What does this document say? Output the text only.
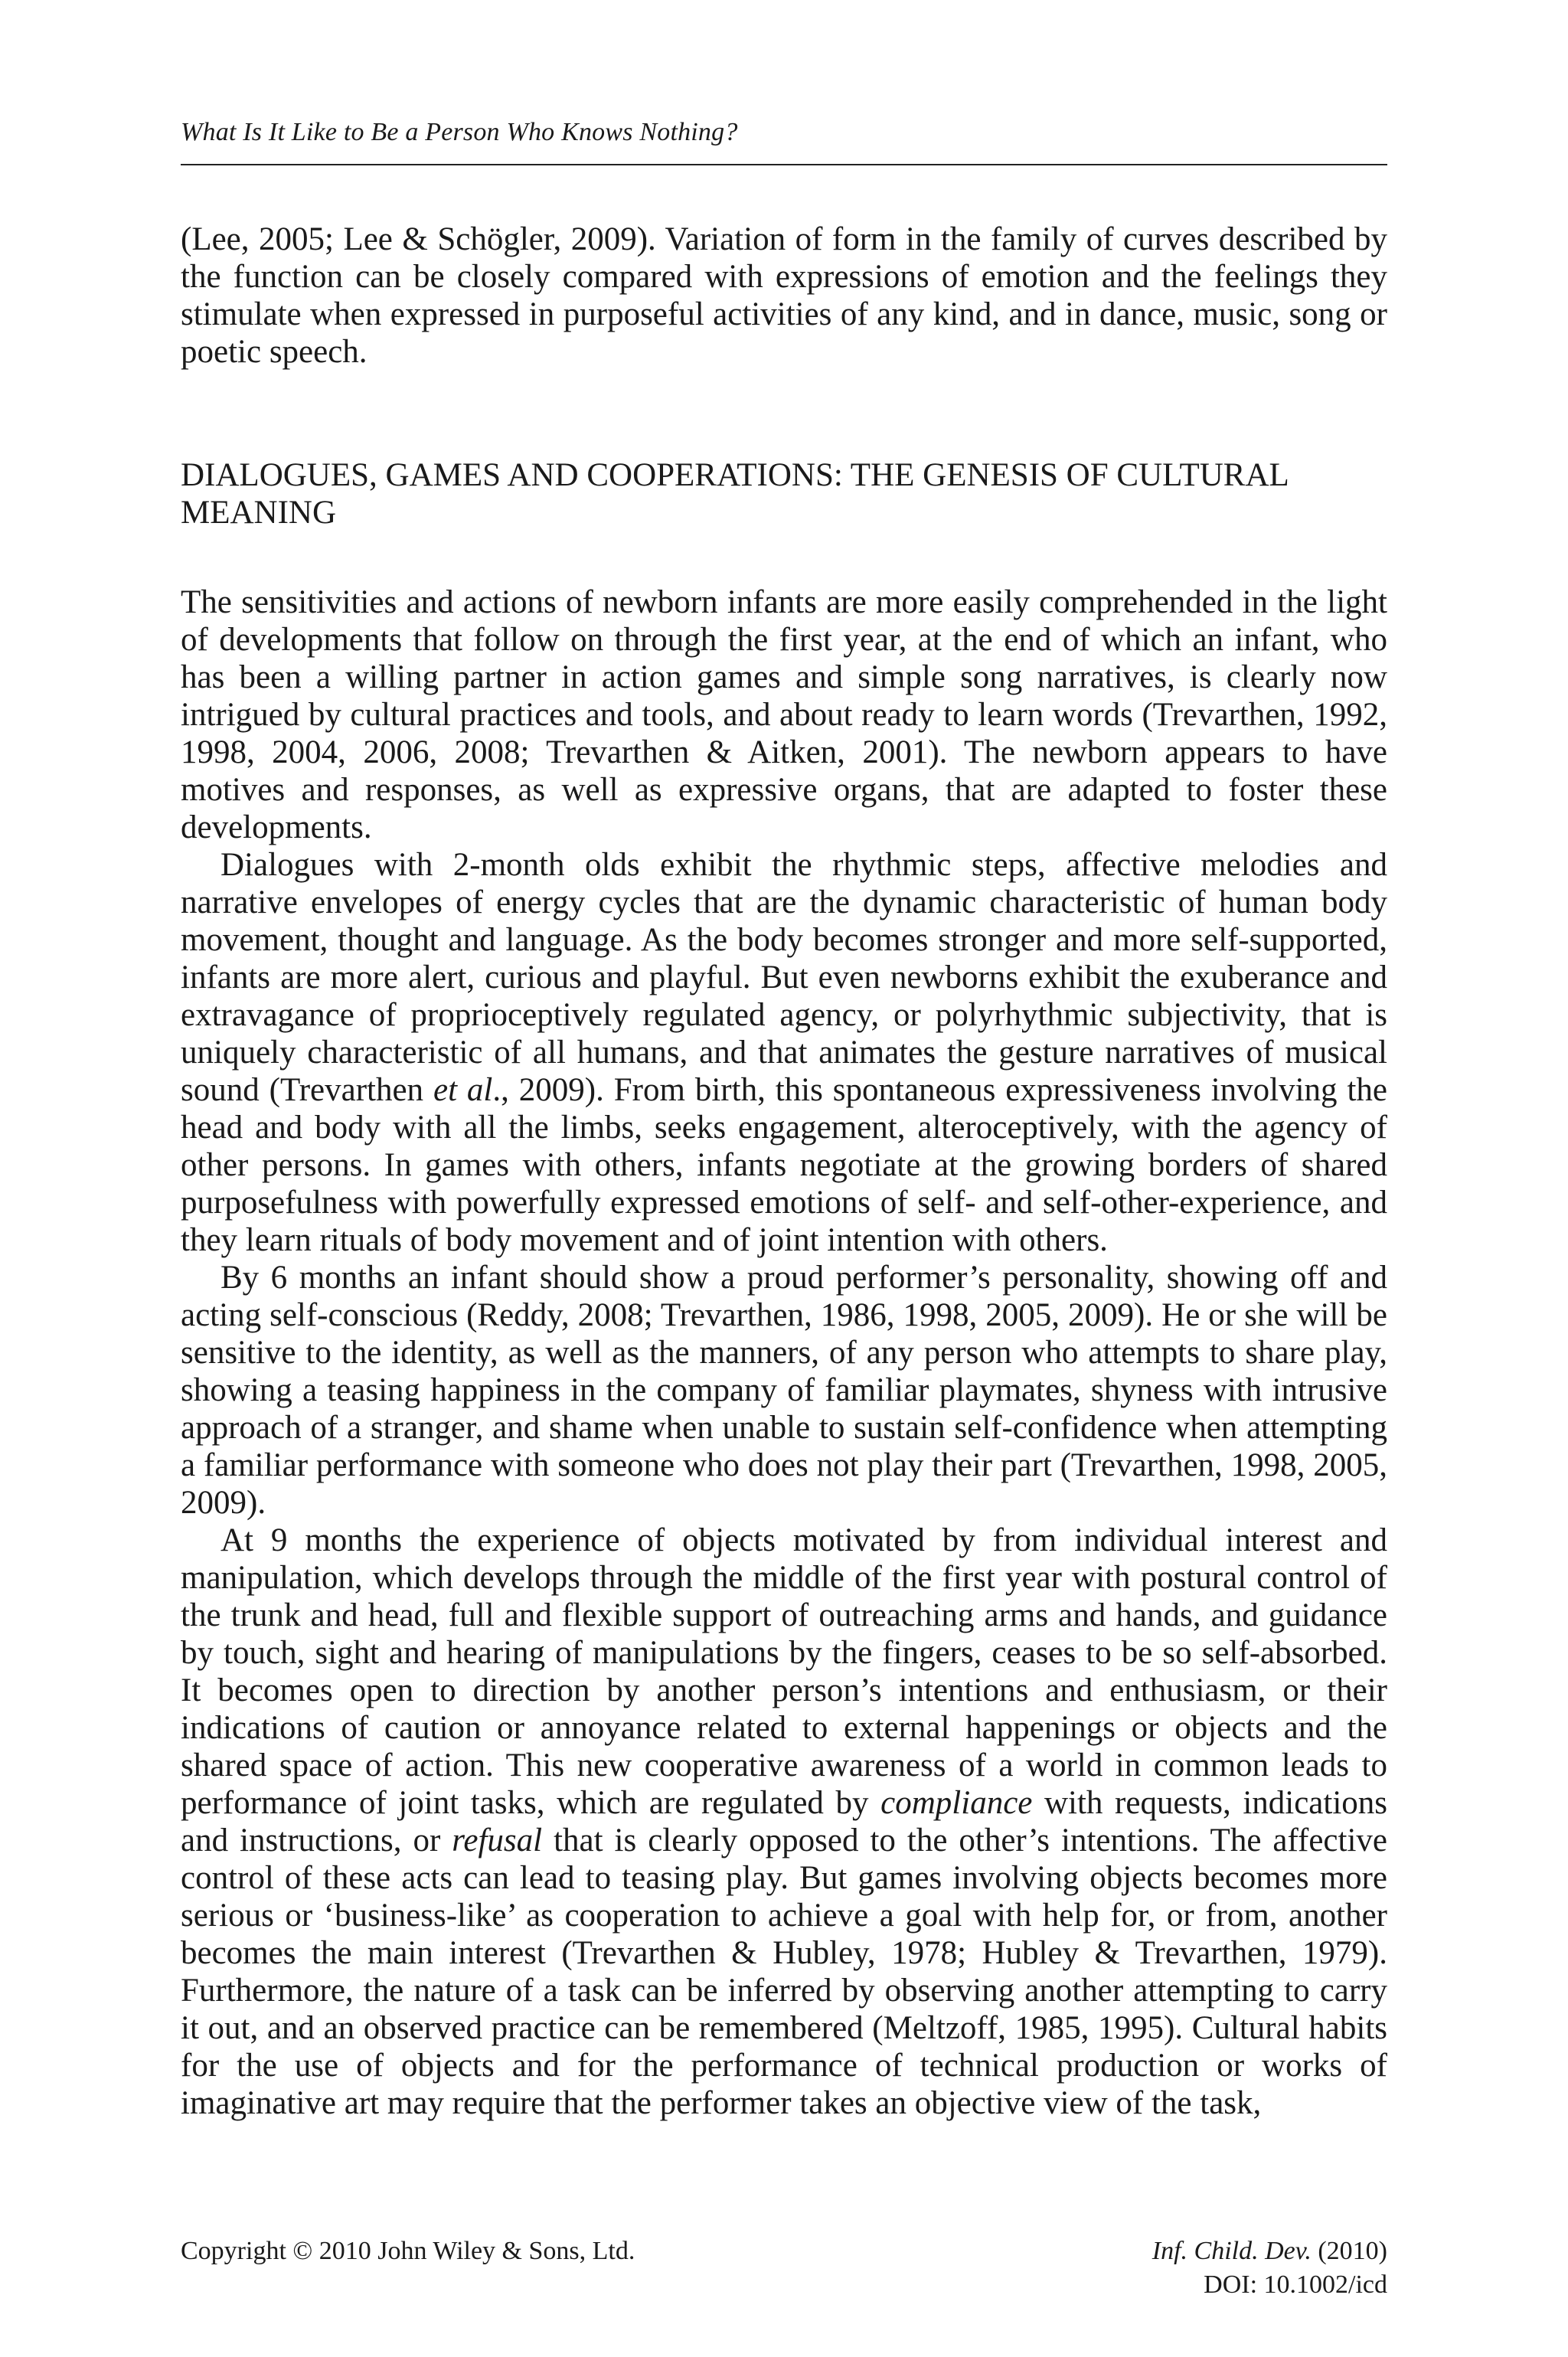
What Is It Like to Be a Person Who Knows Nothing?

(Lee, 2005; Lee & Schögler, 2009). Variation of form in the family of curves described by the function can be closely compared with expressions of emotion and the feelings they stimulate when expressed in purposeful activities of any kind, and in dance, music, song or poetic speech.

DIALOGUES, GAMES AND COOPERATIONS: THE GENESIS OF CULTURAL MEANING

The sensitivities and actions of newborn infants are more easily comprehended in the light of developments that follow on through the first year, at the end of which an infant, who has been a willing partner in action games and simple song narratives, is clearly now intrigued by cultural practices and tools, and about ready to learn words (Trevarthen, 1992, 1998, 2004, 2006, 2008; Trevarthen & Aitken, 2001). The newborn appears to have motives and responses, as well as expressive organs, that are adapted to foster these developments.

Dialogues with 2-month olds exhibit the rhythmic steps, affective melodies and narrative envelopes of energy cycles that are the dynamic characteristic of human body movement, thought and language. As the body becomes stronger and more self-supported, infants are more alert, curious and playful. But even newborns exhibit the exuberance and extravagance of proprioceptively regulated agency, or polyrhythmic subjectivity, that is uniquely characteristic of all humans, and that animates the gesture narratives of musical sound (Trevarthen et al., 2009). From birth, this spontaneous expressiveness involving the head and body with all the limbs, seeks engagement, alteroceptively, with the agency of other persons. In games with others, infants negotiate at the growing borders of shared purposefulness with powerfully expressed emotions of self- and self-other-experience, and they learn rituals of body movement and of joint intention with others.

By 6 months an infant should show a proud performer’s personality, showing off and acting self-conscious (Reddy, 2008; Trevarthen, 1986, 1998, 2005, 2009). He or she will be sensitive to the identity, as well as the manners, of any person who attempts to share play, showing a teasing happiness in the company of familiar playmates, shyness with intrusive approach of a stranger, and shame when unable to sustain self-confidence when attempting a familiar performance with someone who does not play their part (Trevarthen, 1998, 2005, 2009).

At 9 months the experience of objects motivated by from individual interest and manipulation, which develops through the middle of the first year with postural control of the trunk and head, full and flexible support of outreaching arms and hands, and guidance by touch, sight and hearing of manipulations by the fingers, ceases to be so self-absorbed. It becomes open to direction by another person’s intentions and enthusiasm, or their indications of caution or annoyance related to external happenings or objects and the shared space of action. This new cooperative awareness of a world in common leads to performance of joint tasks, which are regulated by compliance with requests, indications and instructions, or refusal that is clearly opposed to the other’s intentions. The affective control of these acts can lead to teasing play. But games involving objects becomes more serious or ‘business-like’ as cooperation to achieve a goal with help for, or from, another becomes the main interest (Trevarthen & Hubley, 1978; Hubley & Trevarthen, 1979). Furthermore, the nature of a task can be inferred by observing another attempting to carry it out, and an observed practice can be remembered (Meltzoff, 1985, 1995). Cultural habits for the use of objects and for the performance of technical production or works of imaginative art may require that the performer takes an objective view of the task,

Copyright © 2010 John Wiley & Sons, Ltd.	Inf. Child. Dev. (2010)
DOI: 10.1002/icd
